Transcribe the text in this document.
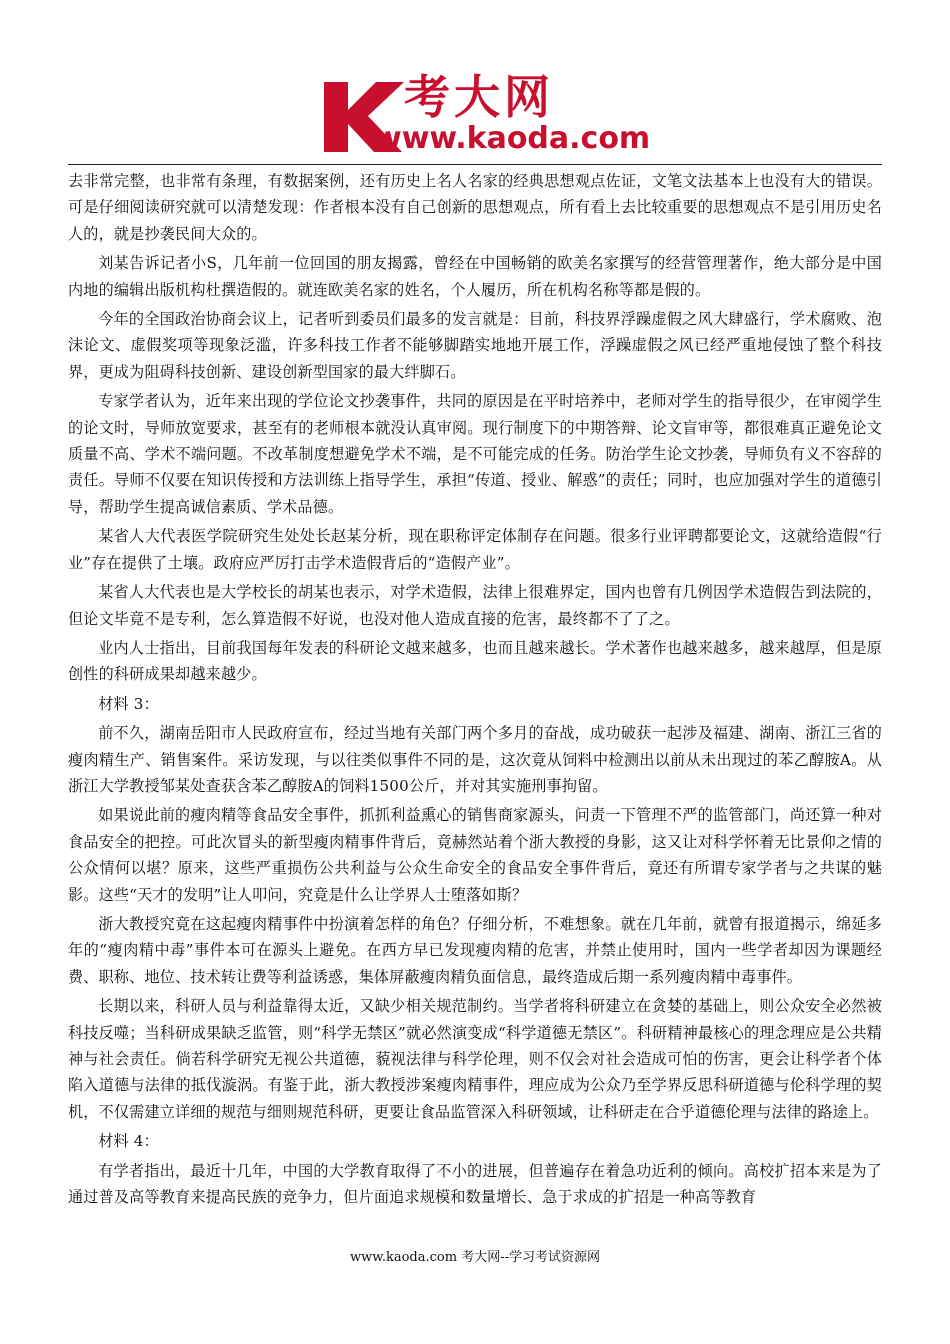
考大网
www.kaoda.com

去非常完整，也非常有条理，有数据案例，还有历史上名人名家的经典思想观点佐证，文笔文法基本上也没有大的错误。可是仔细阅读研究就可以清楚发现：作者根本没有自己创新的思想观点，所有看上去比较重要的思想观点不是引用历史名人的，就是抄袭民间大众的。

刘某告诉记者小S，几年前一位回国的朋友揭露，曾经在中国畅销的欧美名家撰写的经营管理著作，绝大部分是中国内地的编辑出版机构杜撰造假的。就连欧美名家的姓名，个人履历，所在机构名称等都是假的。

今年的全国政治协商会议上，记者听到委员们最多的发言就是：目前，科技界浮躁虚假之风大肆盛行，学术腐败、泡沫论文、虚假奖项等现象泛滥，许多科技工作者不能够脚踏实地地开展工作，浮躁虚假之风已经严重地侵蚀了整个科技界，更成为阻碍科技创新、建设创新型国家的最大绊脚石。

专家学者认为，近年来出现的学位论文抄袭事件，共同的原因是在平时培养中，老师对学生的指导很少，在审阅学生的论文时，导师放宽要求，甚至有的老师根本就没认真审阅。现行制度下的中期答辩、论文盲审等，都很难真正避免论文质量不高、学术不端问题。不改革制度想避免学术不端，是不可能完成的任务。防治学生论文抄袭，导师负有义不容辞的责任。导师不仅要在知识传授和方法训练上指导学生，承担“传道、授业、解惑”的责任；同时，也应加强对学生的道德引导，帮助学生提高诚信素质、学术品德。

某省人大代表医学院研究生处处长赵某分析，现在职称评定体制存在问题。很多行业评聘都要论文，这就给造假“行业”存在提供了土壤。政府应严厉打击学术造假背后的“造假产业”。

某省人大代表也是大学校长的胡某也表示，对学术造假，法律上很难界定，国内也曾有几例因学术造假告到法院的，但论文毕竟不是专利，怎么算造假不好说，也没对他人造成直接的危害，最终都不了了之。

业内人士指出，目前我国每年发表的科研论文越来越多，也而且越来越长。学术著作也越来越多，越来越厚，但是原创性的科研成果却越来越少。

材料 3：

前不久，湖南岳阳市人民政府宣布，经过当地有关部门两个多月的奋战，成功破获一起涉及福建、湖南、浙江三省的瘦肉精生产、销售案件。采访发现，与以往类似事件不同的是，这次竟从饲料中检测出以前从未出现过的苯乙醇胺A。从浙江大学教授邹某处查获含苯乙醇胺A的饲料1500公斤，并对其实施刑事拘留。

如果说此前的瘦肉精等食品安全事件，抓抓利益熏心的销售商家源头，问责一下管理不严的监管部门，尚还算一种对食品安全的把控。可此次冒头的新型瘦肉精事件背后，竟赫然站着个浙大教授的身影，这又让对科学怀着无比景仰之情的公众情何以堪？原来，这些严重损伤公共利益与公众生命安全的食品安全事件背后，竟还有所谓专家学者与之共谋的魅影。这些“天才的发明”让人叩问，究竟是什么让学界人士堕落如斯？

浙大教授究竟在这起瘦肉精事件中扮演着怎样的角色？仔细分析，不难想象。就在几年前，就曾有报道揭示，绵延多年的“瘦肉精中毒”事件本可在源头上避免。在西方早已发现瘦肉精的危害，并禁止使用时，国内一些学者却因为课题经费、职称、地位、技术转让费等利益诱惑，集体屏蔽瘦肉精负面信息，最终造成后期一系列瘦肉精中毒事件。

长期以来，科研人员与利益靠得太近，又缺少相关规范制约。当学者将科研建立在贪婪的基础上，则公众安全必然被科技反噬；当科研成果缺乏监管，则“科学无禁区”就必然演变成“科学道德无禁区”。科研精神最核心的理念理应是公共精神与社会责任。倘若科学研究无视公共道德，藐视法律与科学伦理，则不仅会对社会造成可怕的伤害，更会让科学者个体陷入道德与法律的抵伐漩涡。有鉴于此，浙大教授涉案瘦肉精事件，理应成为公众乃至学界反思科研道德与伦科学理的契机，不仅需建立详细的规范与细则规范科研，更要让食品监管深入科研领域，让科研走在合乎道德伦理与法律的路途上。

材料 4：

有学者指出，最近十几年，中国的大学教育取得了不小的进展，但普遍存在着急功近利的倾向。高校扩招本来是为了通过普及高等教育来提高民族的竞争力，但片面追求规模和数量增长、急于求成的扩招是一种高等教育

www.kaoda.com 考大网--学习考试资源网
